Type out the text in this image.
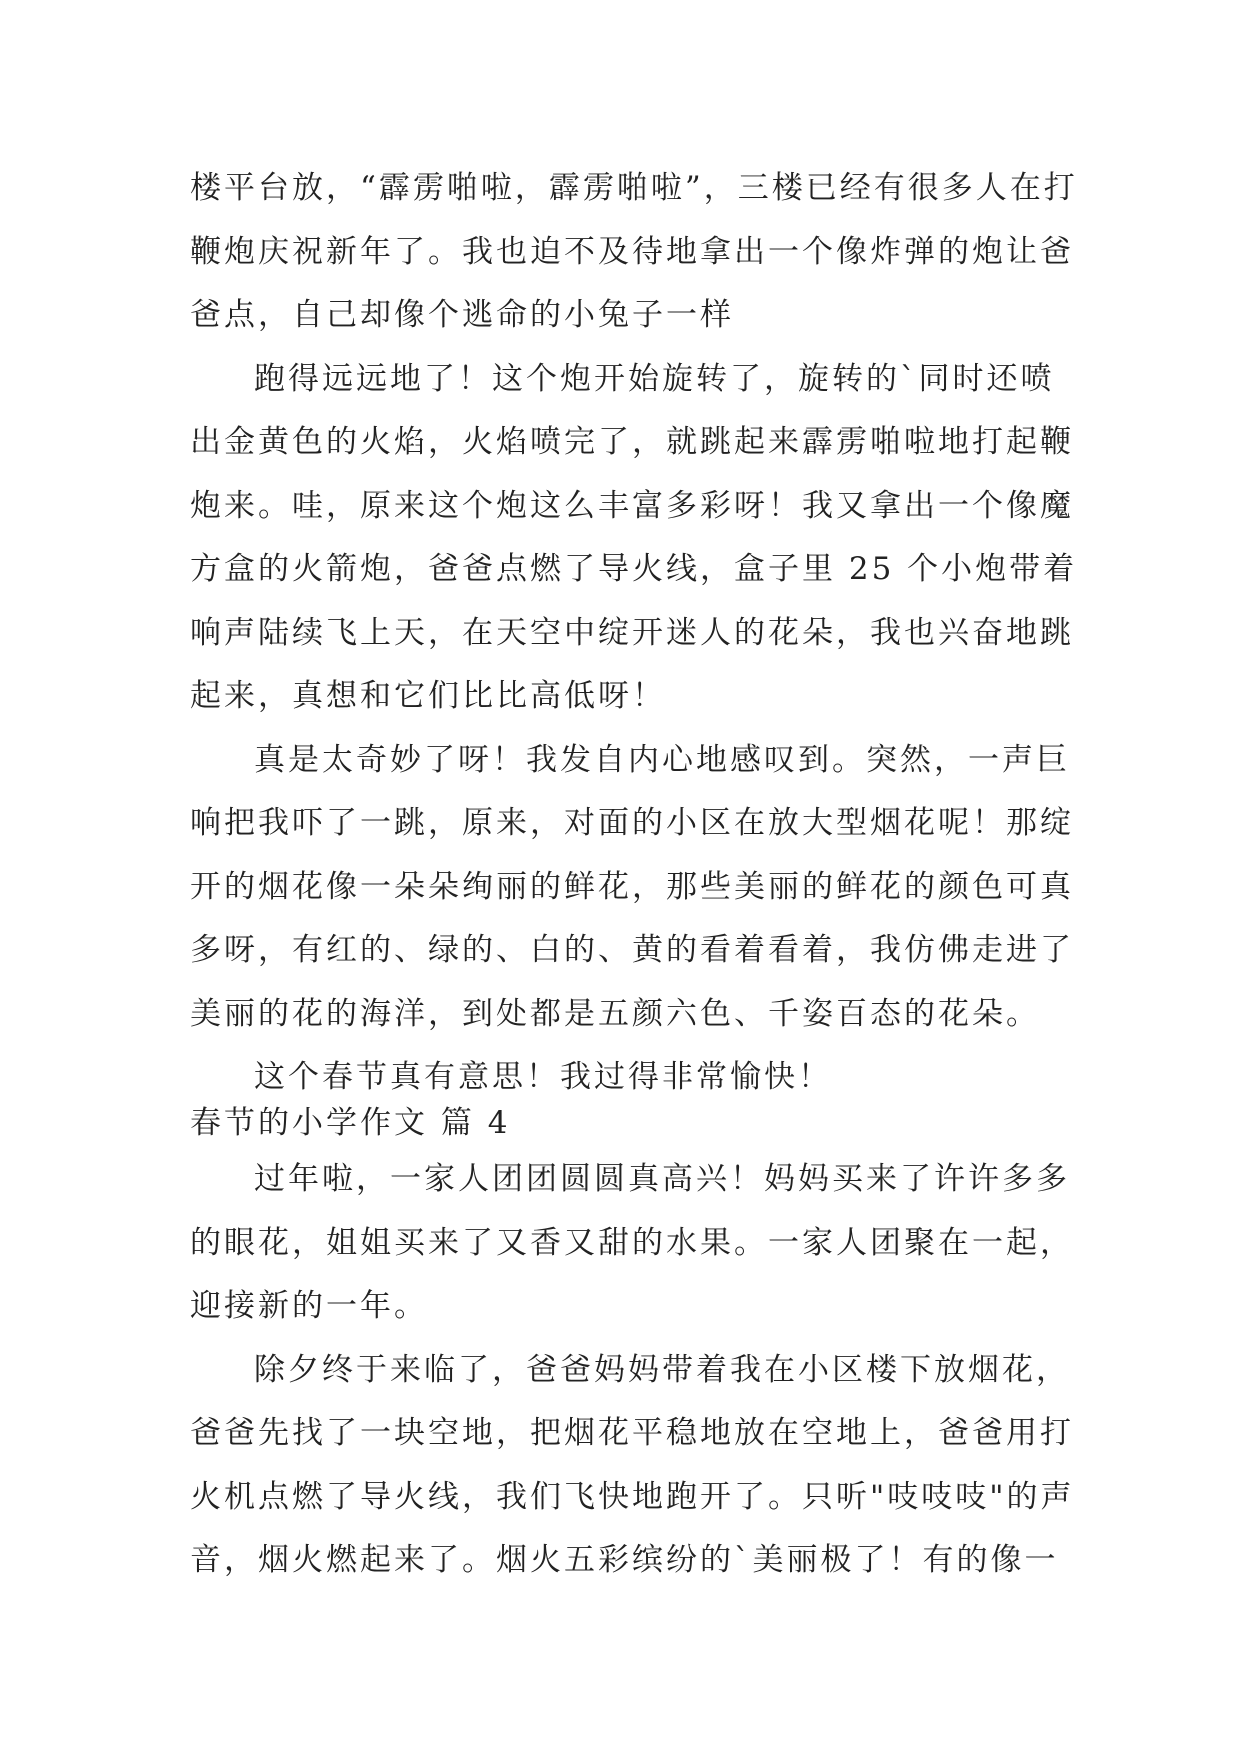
楼平台放，“霹雳啪啦，霹雳啪啦”，三楼已经有很多人在打
鞭炮庆祝新年了。我也迫不及待地拿出一个像炸弹的炮让爸
爸点，自己却像个逃命的小兔子一样
跑得远远地了！这个炮开始旋转了，旋转的`同时还喷
出金黄色的火焰，火焰喷完了，就跳起来霹雳啪啦地打起鞭
炮来。哇，原来这个炮这么丰富多彩呀！我又拿出一个像魔
方盒的火箭炮，爸爸点燃了导火线，盒子里 25 个小炮带着
响声陆续飞上天，在天空中绽开迷人的花朵，我也兴奋地跳
起来，真想和它们比比高低呀！
真是太奇妙了呀！我发自内心地感叹到。突然，一声巨
响把我吓了一跳，原来，对面的小区在放大型烟花呢！那绽
开的烟花像一朵朵绚丽的鲜花，那些美丽的鲜花的颜色可真
多呀，有红的、绿的、白的、黄的看着看着，我仿佛走进了
美丽的花的海洋，到处都是五颜六色、千姿百态的花朵。
这个春节真有意思！我过得非常愉快！
春节的小学作文 篇 4
过年啦，一家人团团圆圆真高兴！妈妈买来了许许多多
的眼花，姐姐买来了又香又甜的水果。一家人团聚在一起，
迎接新的一年。
除夕终于来临了，爸爸妈妈带着我在小区楼下放烟花，
爸爸先找了一块空地，把烟花平稳地放在空地上，爸爸用打
火机点燃了导火线，我们飞快地跑开了。只听"吱吱吱"的声
音，烟火燃起来了。烟火五彩缤纷的`美丽极了！有的像一
